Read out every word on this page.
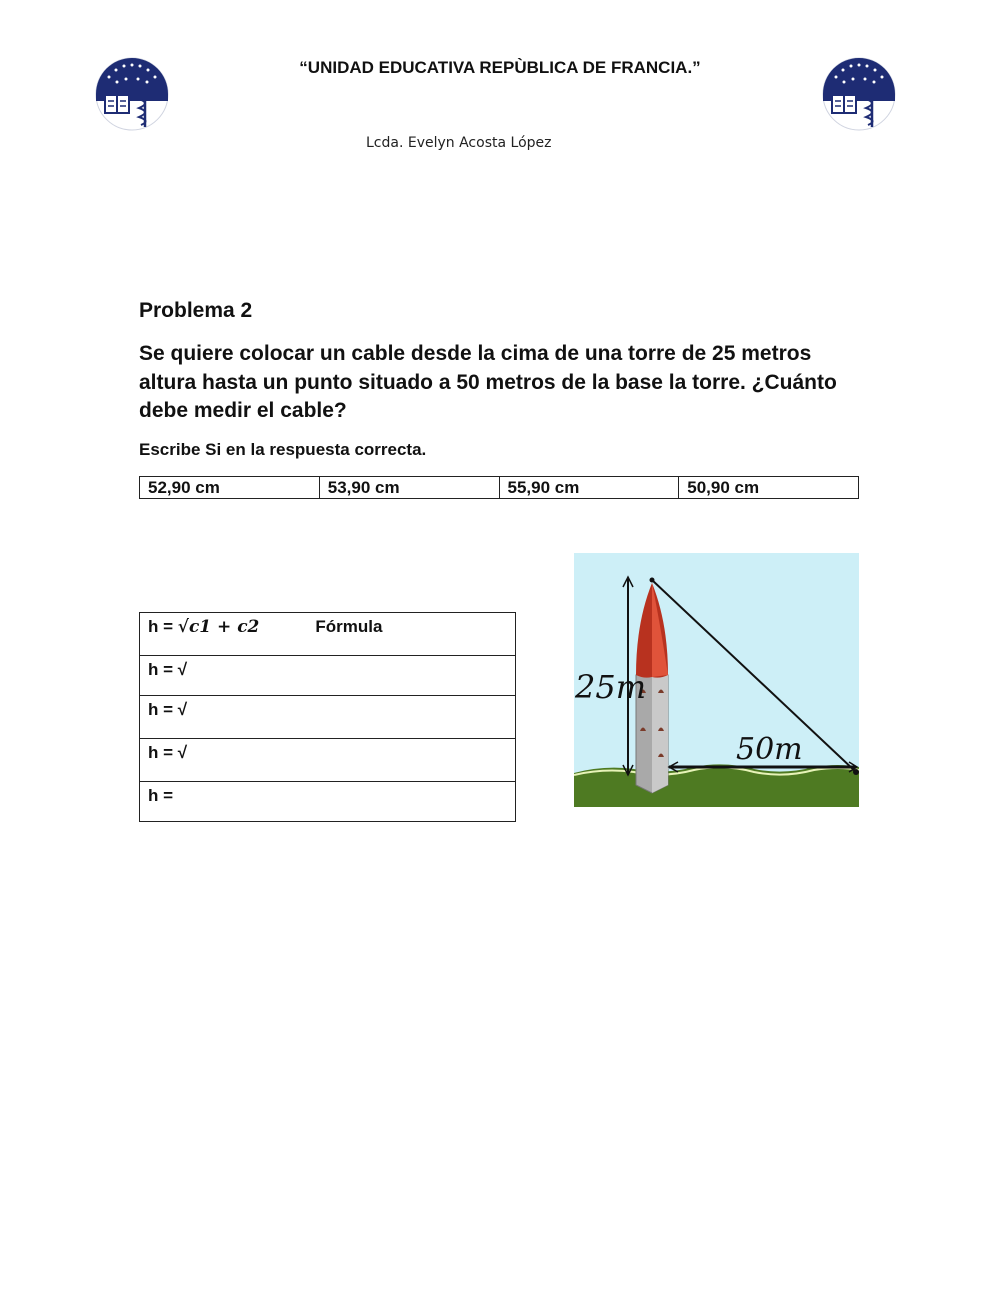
“UNIDAD EDUCATIVA REPÙBLICA DE FRANCIA.”
Lcda. Evelyn Acosta López
Problema 2
Se quiere colocar un cable desde la cima de una torre de 25 metros altura hasta un punto situado a 50 metros de la base la torre. ¿Cuánto debe medir el cable?
Escribe Si en la respuesta correcta.
52,90 cm	53,90 cm	55,90 cm	50,90 cm
h = √c1 + c2	Fórmula
h = √
h = √
h = √
h =
25m
50m
